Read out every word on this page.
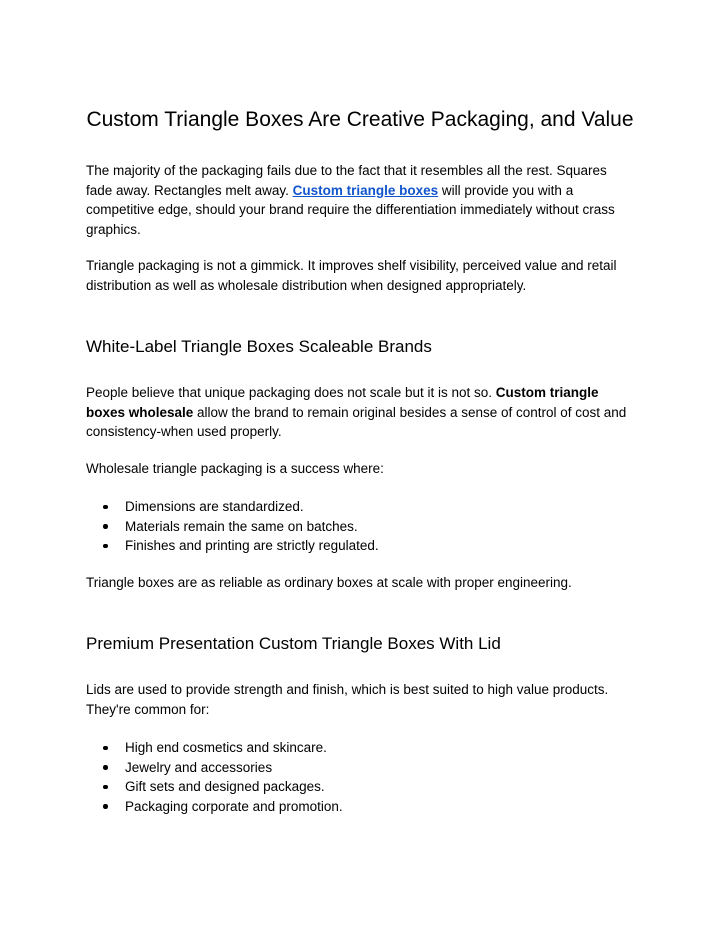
Custom Triangle Boxes Are Creative Packaging, and Value

The majority of the packaging fails due to the fact that it resembles all the rest. Squares fade away. Rectangles melt away. Custom triangle boxes will provide you with a competitive edge, should your brand require the differentiation immediately without crass graphics.

Triangle packaging is not a gimmick. It improves shelf visibility, perceived value and retail distribution as well as wholesale distribution when designed appropriately.

White-Label Triangle Boxes Scaleable Brands

People believe that unique packaging does not scale but it is not so. Custom triangle boxes wholesale allow the brand to remain original besides a sense of control of cost and consistency-when used properly.

Wholesale triangle packaging is a success where:

Dimensions are standardized.
Materials remain the same on batches.
Finishes and printing are strictly regulated.

Triangle boxes are as reliable as ordinary boxes at scale with proper engineering.

Premium Presentation Custom Triangle Boxes With Lid

Lids are used to provide strength and finish, which is best suited to high value products. They're common for:

High end cosmetics and skincare.
Jewelry and accessories
Gift sets and designed packages.
Packaging corporate and promotion.
